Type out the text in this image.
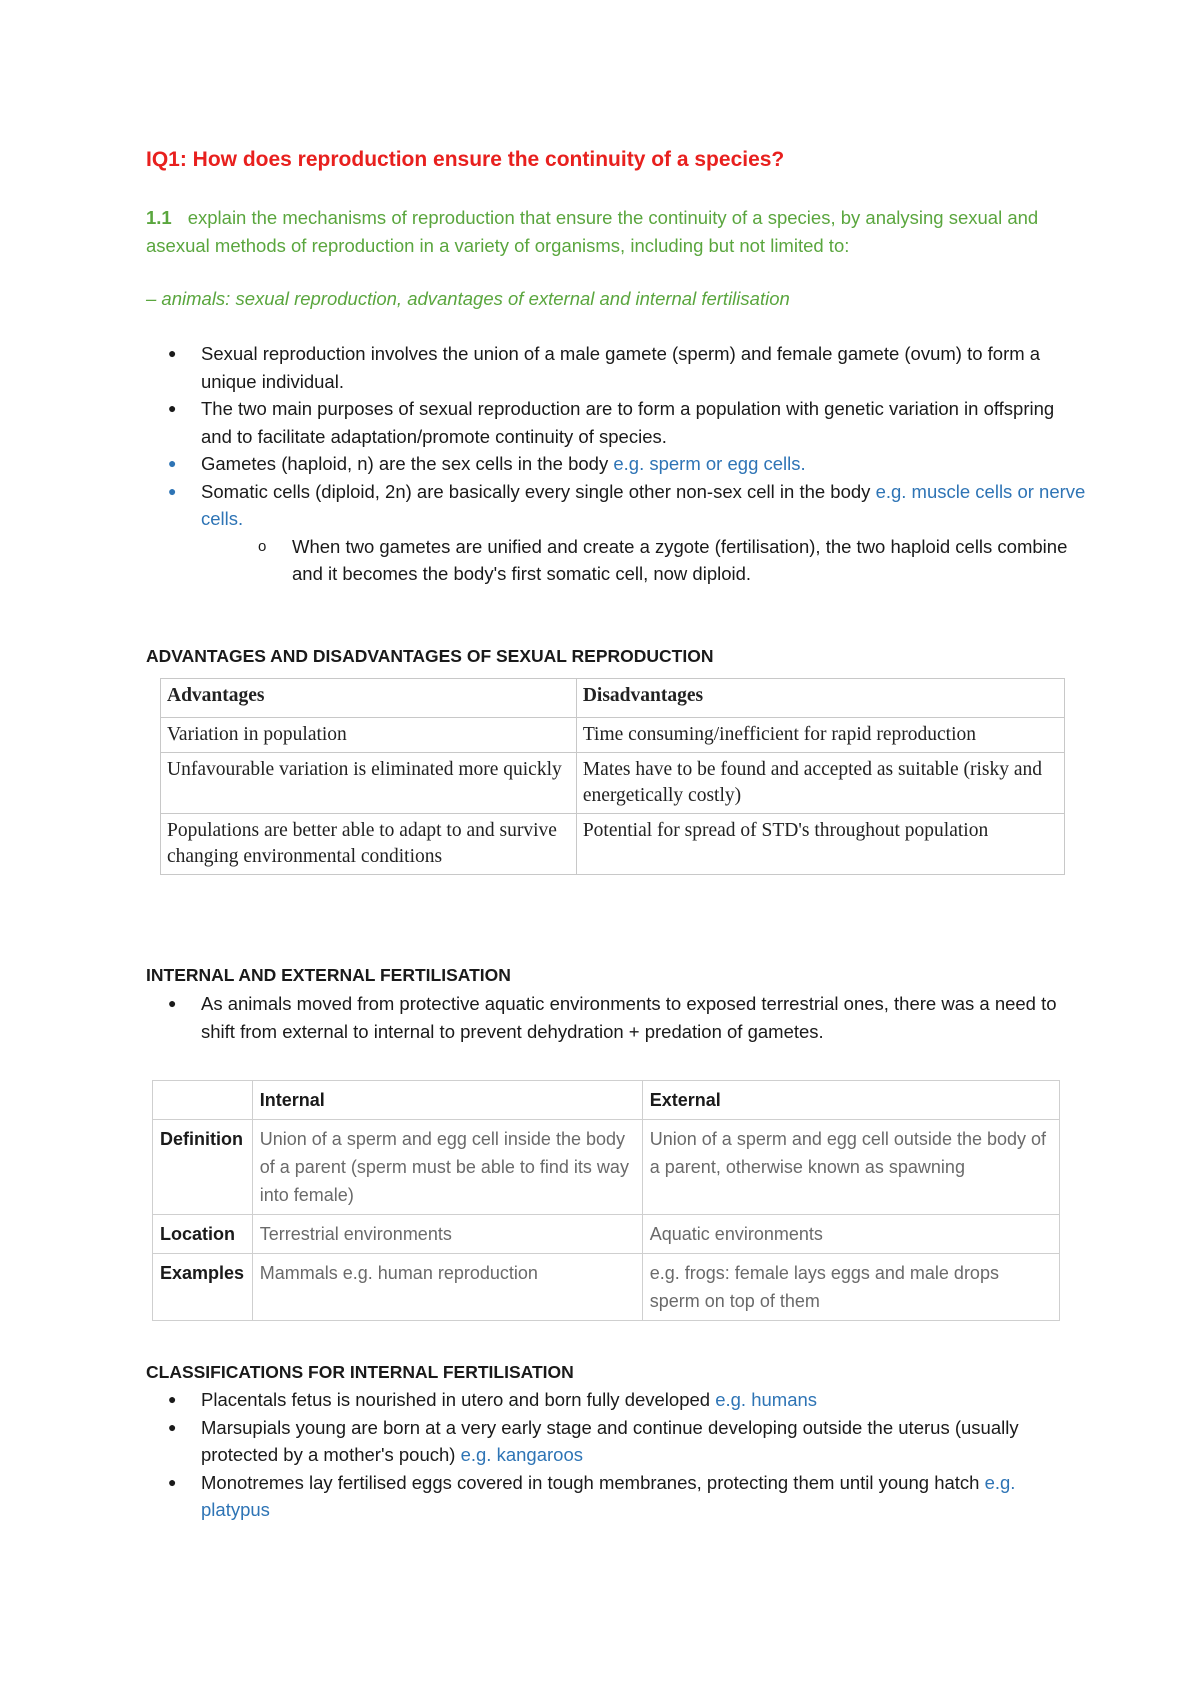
IQ1: How does reproduction ensure the continuity of a species?
1.1 explain the mechanisms of reproduction that ensure the continuity of a species, by analysing sexual and asexual methods of reproduction in a variety of organisms, including but not limited to:
– animals: sexual reproduction, advantages of external and internal fertilisation
● Sexual reproduction involves the union of a male gamete (sperm) and female gamete (ovum) to form a unique individual.
● The two main purposes of sexual reproduction are to form a population with genetic variation in offspring and to facilitate adaptation/promote continuity of species.
● Gametes (haploid, n) are the sex cells in the body e.g. sperm or egg cells.
● Somatic cells (diploid, 2n) are basically every single other non-sex cell in the body e.g. muscle cells or nerve cells.
o When two gametes are unified and create a zygote (fertilisation), the two haploid cells combine and it becomes the body's first somatic cell, now diploid.
ADVANTAGES AND DISADVANTAGES OF SEXUAL REPRODUCTION
Advantages	Disadvantages
Variation in population	Time consuming/inefficient for rapid reproduction
Unfavourable variation is eliminated more quickly	Mates have to be found and accepted as suitable (risky and energetically costly)
Populations are better able to adapt to and survive changing environmental conditions	Potential for spread of STD's throughout population
INTERNAL AND EXTERNAL FERTILISATION
● As animals moved from protective aquatic environments to exposed terrestrial ones, there was a need to shift from external to internal to prevent dehydration + predation of gametes.
	Internal	External
Definition	Union of a sperm and egg cell inside the body of a parent (sperm must be able to find its way into female)	Union of a sperm and egg cell outside the body of a parent, otherwise known as spawning
Location	Terrestrial environments	Aquatic environments
Examples	Mammals e.g. human reproduction	e.g. frogs: female lays eggs and male drops sperm on top of them
CLASSIFICATIONS FOR INTERNAL FERTILISATION
● Placentals fetus is nourished in utero and born fully developed e.g. humans
● Marsupials young are born at a very early stage and continue developing outside the uterus (usually protected by a mother's pouch) e.g. kangaroos
● Monotremes lay fertilised eggs covered in tough membranes, protecting them until young hatch e.g. platypus
